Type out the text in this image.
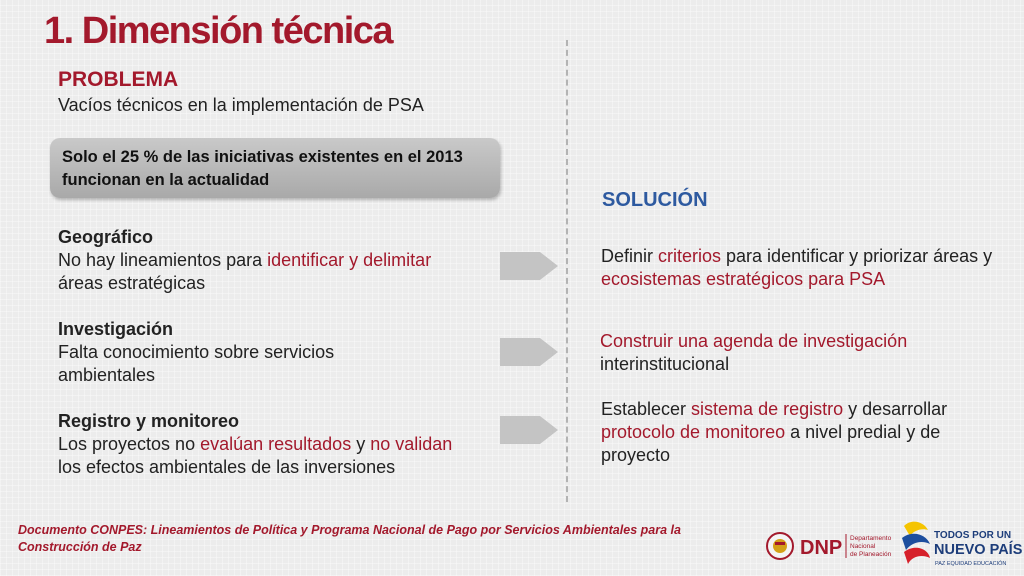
1. Dimensión técnica
PROBLEMA
Vacíos técnicos en la implementación de PSA
Solo el 25 % de las iniciativas existentes en el 2013 funcionan en la actualidad
SOLUCIÓN
Geográfico
No hay lineamientos para identificar y delimitar áreas estratégicas
Definir criterios para identificar y priorizar áreas y ecosistemas estratégicos para PSA
Investigación
Falta conocimiento sobre servicios ambientales
Construir una agenda de investigación
interinstitucional
Registro y monitoreo
Los proyectos no evalúan resultados y no validan los efectos ambientales de las inversiones
Establecer sistema de registro y desarrollar protocolo de monitoreo a nivel predial y de proyecto
Documento CONPES: Lineamientos de Política y Programa Nacional de Pago por Servicios Ambientales para la Construcción de Paz	DNP Departamento
Nacional
de Planeación
TODOS POR UN
NUEVO PAÍS
PAZ EQUIDAD EDUCACIÓN
